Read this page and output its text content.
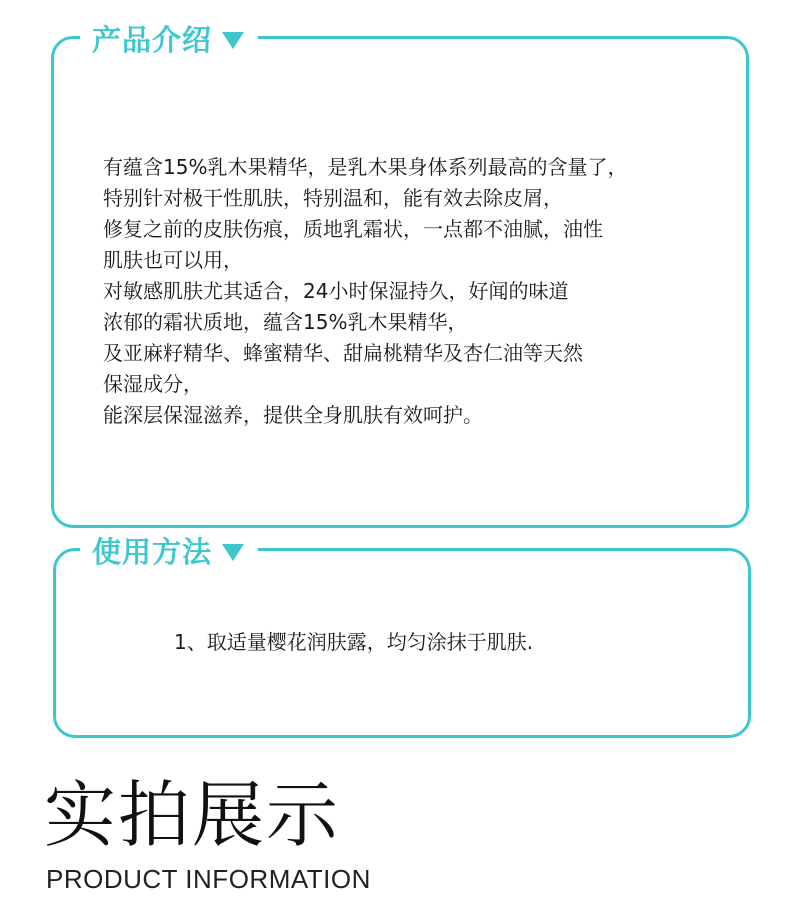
产品介绍
有蕴含15%乳木果精华，是乳木果身体系列最高的含量了，
特别针对极干性肌肤，特别温和，能有效去除皮屑，
修复之前的皮肤伤痕，质地乳霜状，一点都不油腻，油性
肌肤也可以用，
对敏感肌肤尤其适合，24小时保湿持久，好闻的味道
浓郁的霜状质地，蕴含15%乳木果精华，
及亚麻籽精华、蜂蜜精华、甜扁桃精华及杏仁油等天然
保湿成分，
能深层保湿滋养，提供全身肌肤有效呵护。
使用方法
1、取适量樱花润肤露，均匀涂抹于肌肤.
实拍展示
PRODUCT INFORMATION
